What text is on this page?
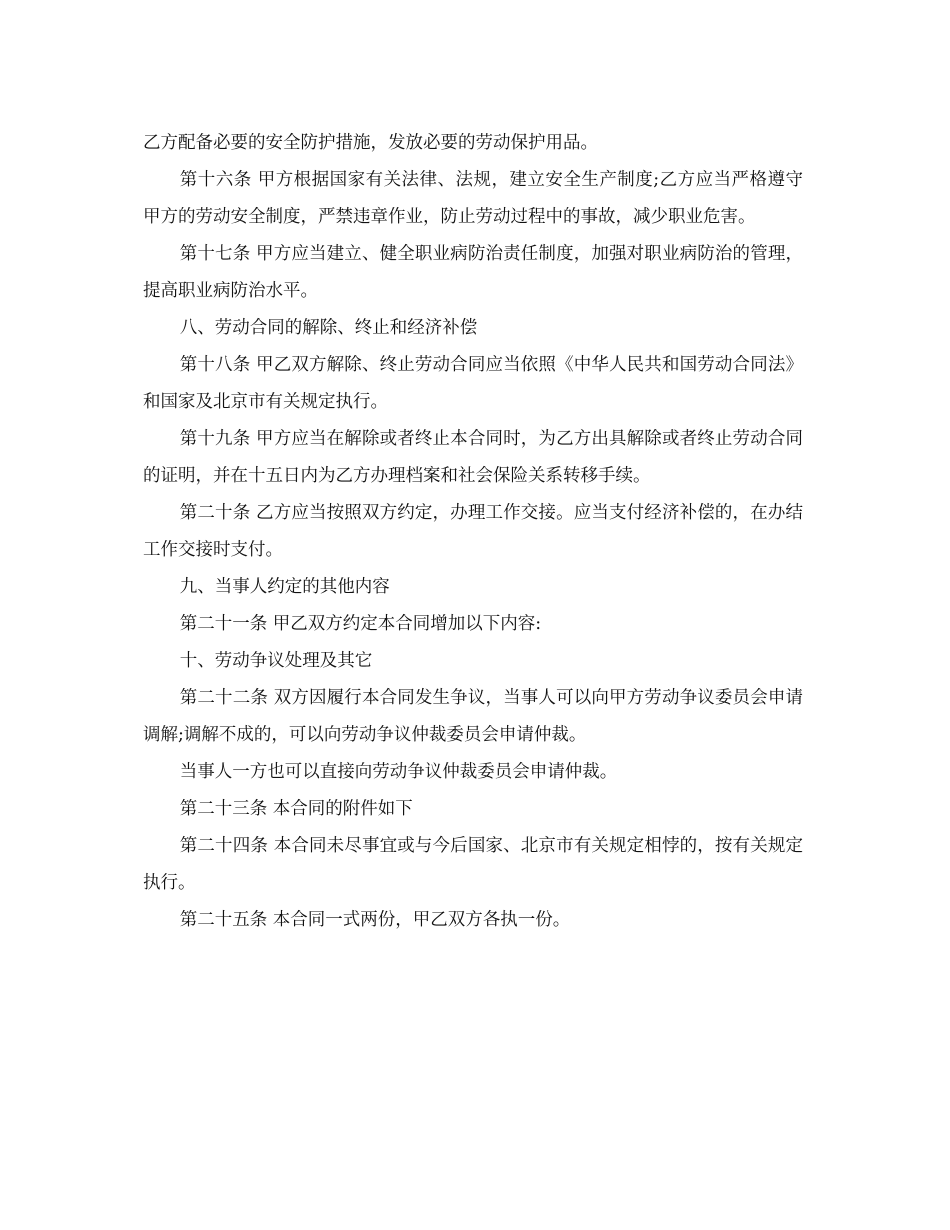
乙方配备必要的安全防护措施，发放必要的劳动保护用品。

第十六条 甲方根据国家有关法律、法规，建立安全生产制度;乙方应当严格遵守甲方的劳动安全制度，严禁违章作业，防止劳动过程中的事故，减少职业危害。

第十七条 甲方应当建立、健全职业病防治责任制度，加强对职业病防治的管理，提高职业病防治水平。

八、劳动合同的解除、终止和经济补偿

第十八条 甲乙双方解除、终止劳动合同应当依照《中华人民共和国劳动合同法》和国家及北京市有关规定执行。

第十九条 甲方应当在解除或者终止本合同时，为乙方出具解除或者终止劳动合同的证明，并在十五日内为乙方办理档案和社会保险关系转移手续。

第二十条 乙方应当按照双方约定，办理工作交接。应当支付经济补偿的，在办结工作交接时支付。

九、当事人约定的其他内容

第二十一条 甲乙双方约定本合同增加以下内容:

十、劳动争议处理及其它

第二十二条 双方因履行本合同发生争议，当事人可以向甲方劳动争议委员会申请调解;调解不成的，可以向劳动争议仲裁委员会申请仲裁。

当事人一方也可以直接向劳动争议仲裁委员会申请仲裁。

第二十三条 本合同的附件如下

第二十四条 本合同未尽事宜或与今后国家、北京市有关规定相悖的，按有关规定执行。

第二十五条 本合同一式两份，甲乙双方各执一份。
